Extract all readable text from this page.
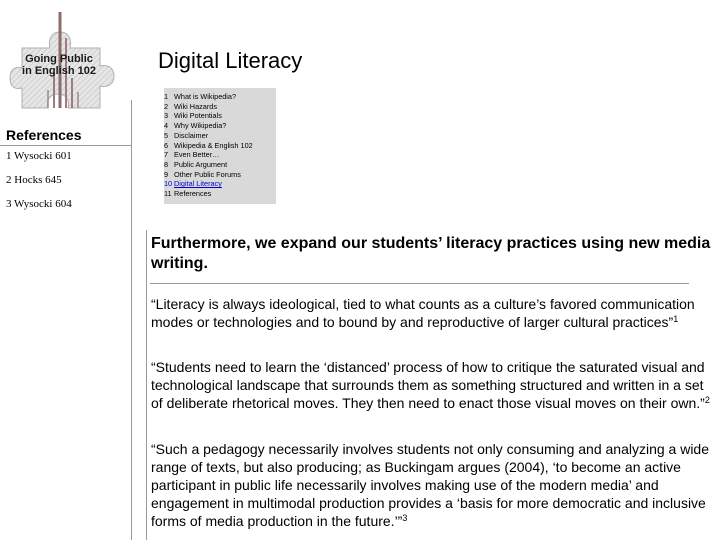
Going Public
in English 102	Digital Literacy
References
1 Wysocki 601
2 Hocks 645
3 Wysocki 604
1 What is Wikipedia?
2 Wiki Hazards
3 Wiki Potentials
4 Why Wikipedia?
5 Disclaimer
6 Wikipedia & English 102
7 Even Better…
8 Public Argument
9 Other Public Forums
10 Digital Literacy
11 References
Furthermore, we expand our students’ literacy practices using new media writing.

“Literacy is always ideological, tied to what counts as a culture’s favored communication modes or technologies and to bound by and reproductive of larger cultural practices”$^1$

“Students need to learn the ‘distanced’ process of how to critique the saturated visual and technological landscape that surrounds them as something structured and written in a set of deliberate rhetorical moves. They then need to enact those visual moves on their own.”$^2$

“Such a pedagogy necessarily involves students not only consuming and analyzing a wide range of texts, but also producing; as Buckingam argues (2004), ‘to become an active participant in public life necessarily involves making use of the modern media’ and engagement in multimodal production provides a ‘basis for more democratic and inclusive forms of media production in the future.’”$^3$
